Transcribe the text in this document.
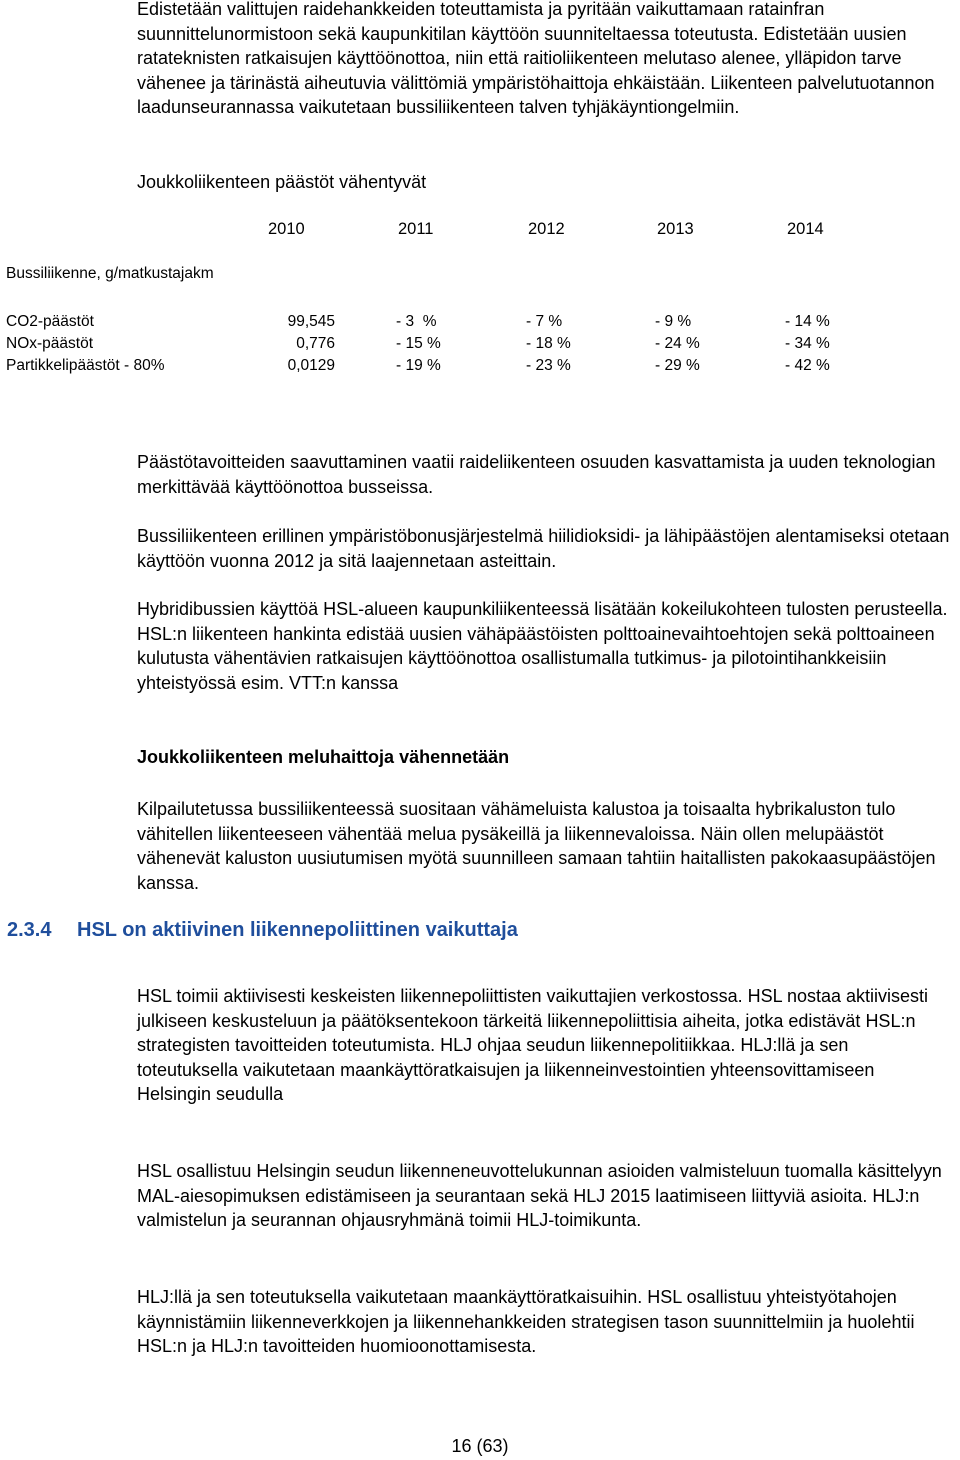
Edistetään valittujen raidehankkeiden toteuttamista ja pyritään vaikuttamaan ratainfran suunnittelunormistoon sekä kaupunkitilan käyttöön suunniteltaessa toteutusta. Edistetään uusien ratateknisten ratkaisujen käyttöönottoa, niin että raitioliikenteen melutaso alenee, ylläpidon tarve vähenee ja tärinästä aiheutuvia välittömiä ympäristöhaittoja ehkäistään. Liikenteen palvelutuotannon laadunseurannassa vaikutetaan bussiliikenteen talven tyhjäkäyntiongelmiin.

Joukkoliikenteen päästöt vähentyvät

2010	2011	2012	2013	2014
Bussiliikenne, g/matkustajakm
CO2-päästöt	99,545	- 3  %	- 7 %	- 9 %	- 14 %
NOx-päästöt	0,776	- 15 %	- 18 %	- 24 %	- 34 %
Partikkelipäästöt - 80%	0,0129	- 19 %	- 23 %	- 29 %	- 42 %

Päästötavoitteiden saavuttaminen vaatii raideliikenteen osuuden kasvattamista ja uuden teknologian merkittävää käyttöönottoa busseissa.

Bussiliikenteen erillinen ympäristöbonusjärjestelmä hiilidioksidi- ja lähipäästöjen alentamiseksi otetaan käyttöön vuonna 2012 ja sitä laajennetaan asteittain.

Hybridibussien käyttöä HSL-alueen kaupunkiliikenteessä lisätään kokeilukohteen tulosten perusteella. HSL:n liikenteen hankinta edistää uusien vähäpäästöisten polttoainevaihtoehtojen sekä polttoaineen kulutusta vähentävien ratkaisujen käyttöönottoa osallistumalla tutkimus- ja pilotointihankkeisiin yhteistyössä esim. VTT:n kanssa

Joukkoliikenteen meluhaittoja vähennetään

Kilpailutetussa bussiliikenteessä suositaan vähämeluista kalustoa ja toisaalta hybrikaluston tulo vähitellen liikenteeseen vähentää melua pysäkeillä ja liikennevaloissa. Näin ollen melupäästöt vähenevät kaluston uusiutumisen myötä suunnilleen samaan tahtiin haitallisten pakokaasupäästöjen kanssa.

2.3.4 HSL on aktiivinen liikennepoliittinen vaikuttaja

HSL toimii aktiivisesti keskeisten liikennepoliittisten vaikuttajien verkostossa. HSL nostaa aktiivisesti julkiseen keskusteluun ja päätöksentekoon tärkeitä liikennepoliittisia aiheita, jotka edistävät HSL:n strategisten tavoitteiden toteutumista. HLJ ohjaa seudun liikennepolitiikkaa. HLJ:llä ja sen toteutuksella vaikutetaan maankäyttöratkaisujen ja liikenneinvestointien yhteensovittamiseen Helsingin seudulla

HSL osallistuu Helsingin seudun liikenneneuvottelukunnan asioiden valmisteluun tuomalla käsittelyyn MAL-aiesopimuksen edistämiseen ja seurantaan sekä HLJ 2015 laatimiseen liittyviä asioita. HLJ:n valmistelun ja seurannan ohjausryhmänä toimii HLJ-toimikunta.

HLJ:llä ja sen toteutuksella vaikutetaan maankäyttöratkaisuihin. HSL osallistuu yhteistyötahojen käynnistämiin liikenneverkkojen ja liikennehankkeiden strategisen tason suunnittelmiin ja huolehtii HSL:n ja HLJ:n tavoitteiden huomioonottamisesta.

16 (63)
